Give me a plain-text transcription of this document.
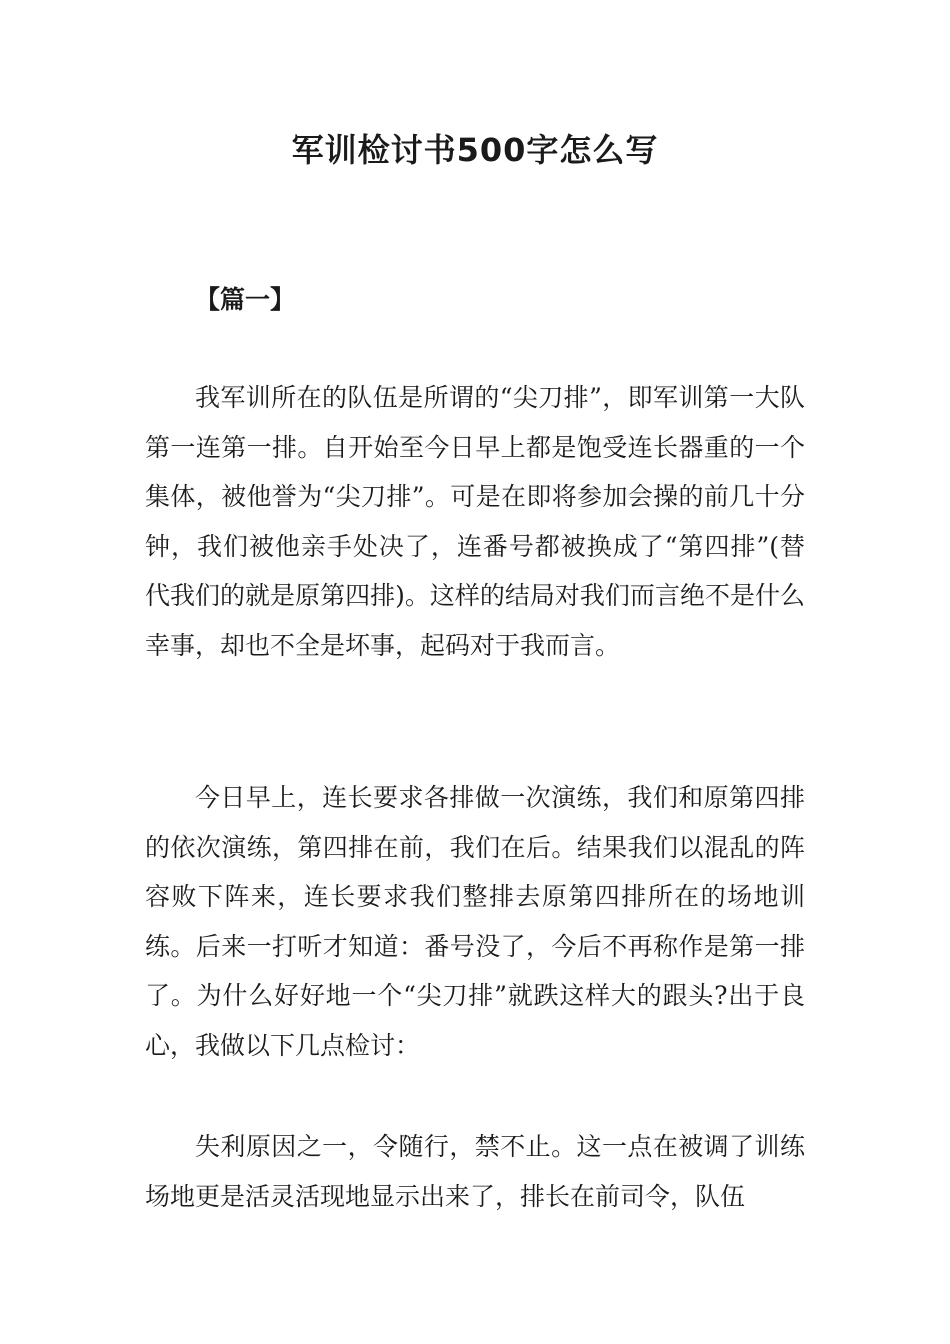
军训检讨书500字怎么写

【篇一】

我军训所在的队伍是所谓的“尖刀排”，即军训第一大队第一连第一排。自开始至今日早上都是饱受连长器重的一个集体，被他誉为“尖刀排”。可是在即将参加会操的前几十分钟，我们被他亲手处决了，连番号都被换成了“第四排”(替代我们的就是原第四排)。这样的结局对我们而言绝不是什么幸事，却也不全是坏事，起码对于我而言。

今日早上，连长要求各排做一次演练，我们和原第四排的依次演练，第四排在前，我们在后。结果我们以混乱的阵容败下阵来，连长要求我们整排去原第四排所在的场地训练。后来一打听才知道：番号没了，今后不再称作是第一排了。为什么好好地一个“尖刀排”就跌这样大的跟头?出于良心，我做以下几点检讨：

失利原因之一，令随行，禁不止。这一点在被调了训练场地更是活灵活现地显示出来了，排长在前司令，队伍
